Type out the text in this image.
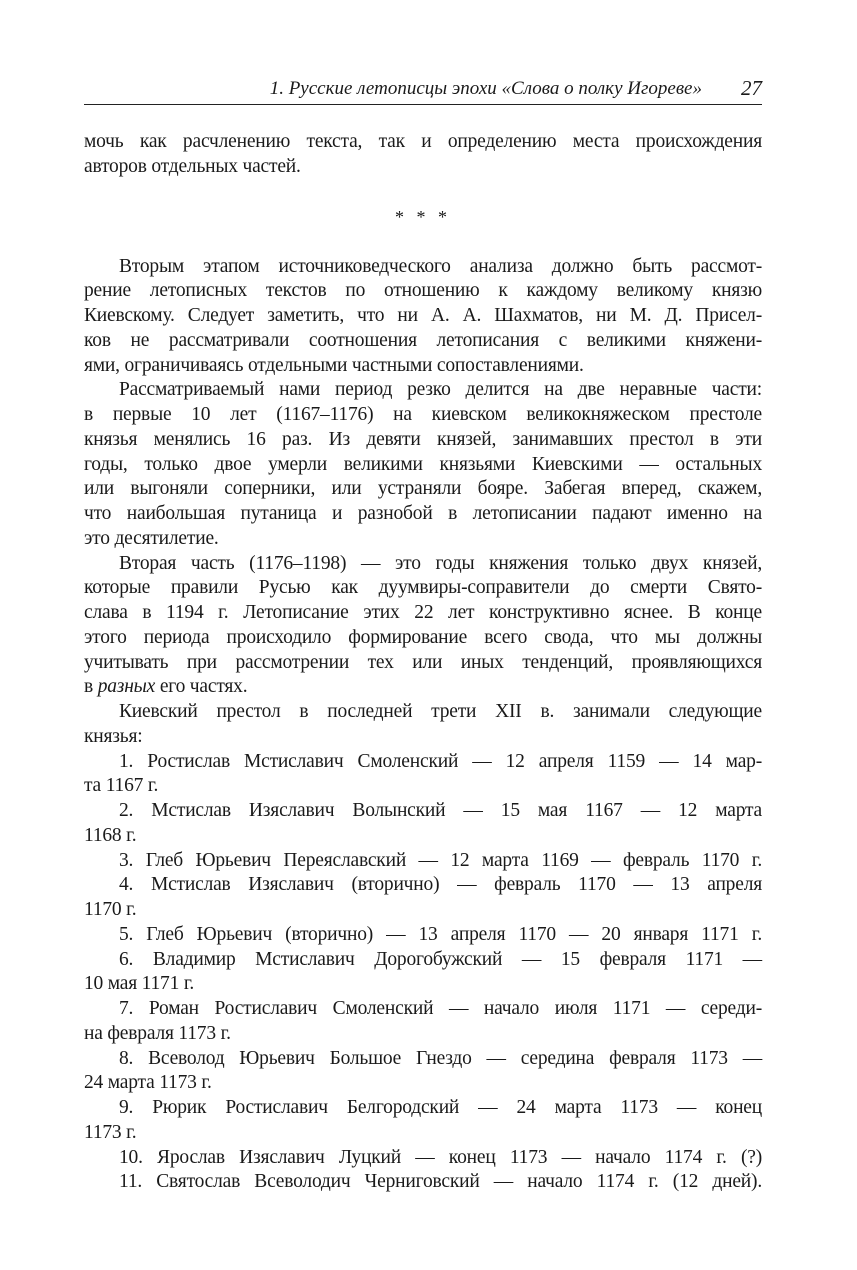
1. Русские летописцы эпохи «Слова о полку Игореве» 27
мочь как расчленению текста, так и определению места происхождения
авторов отдельных частей.
* * *
Вторым этапом источниковедческого анализа должно быть рассмот-
рение летописных текстов по отношению к каждому великому князю
Киевскому. Следует заметить, что ни А. А. Шахматов, ни М. Д. Присел-
ков не рассматривали соотношения летописания с великими княжени-
ями, ограничиваясь отдельными частными сопоставлениями.
Рассматриваемый нами период резко делится на две неравные части:
в первые 10 лет (1167–1176) на киевском великокняжеском престоле
князья менялись 16 раз. Из девяти князей, занимавших престол в эти
годы, только двое умерли великими князьями Киевскими — остальных
или выгоняли соперники, или устраняли бояре. Забегая вперед, скажем,
что наибольшая путаница и разнобой в летописании падают именно на
это десятилетие.
Вторая часть (1176–1198) — это годы княжения только двух князей,
которые правили Русью как дуумвиры-соправители до смерти Свято-
слава в 1194 г. Летописание этих 22 лет конструктивно яснее. В конце
этого периода происходило формирование всего свода, что мы должны
учитывать при рассмотрении тех или иных тенденций, проявляющихся
в разных его частях.
Киевский престол в последней трети XII в. занимали следующие
князья:
1. Ростислав Мстиславич Смоленский — 12 апреля 1159 — 14 мар-
та 1167 г.
2. Мстислав Изяславич Волынский — 15 мая 1167 — 12 марта
1168 г.
3. Глеб Юрьевич Переяславский — 12 марта 1169 — февраль 1170 г.
4. Мстислав Изяславич (вторично) — февраль 1170 — 13 апреля
1170 г.
5. Глеб Юрьевич (вторично) — 13 апреля 1170 — 20 января 1171 г.
6. Владимир Мстиславич Дорогобужский — 15 февраля 1171 —
10 мая 1171 г.
7. Роман Ростиславич Смоленский — начало июля 1171 — середи-
на февраля 1173 г.
8. Всеволод Юрьевич Большое Гнездо — середина февраля 1173 —
24 марта 1173 г.
9. Рюрик Ростиславич Белгородский — 24 марта 1173 — конец
1173 г.
10. Ярослав Изяславич Луцкий — конец 1173 — начало 1174 г. (?)
11. Святослав Всеволодич Черниговский — начало 1174 г. (12 дней).
